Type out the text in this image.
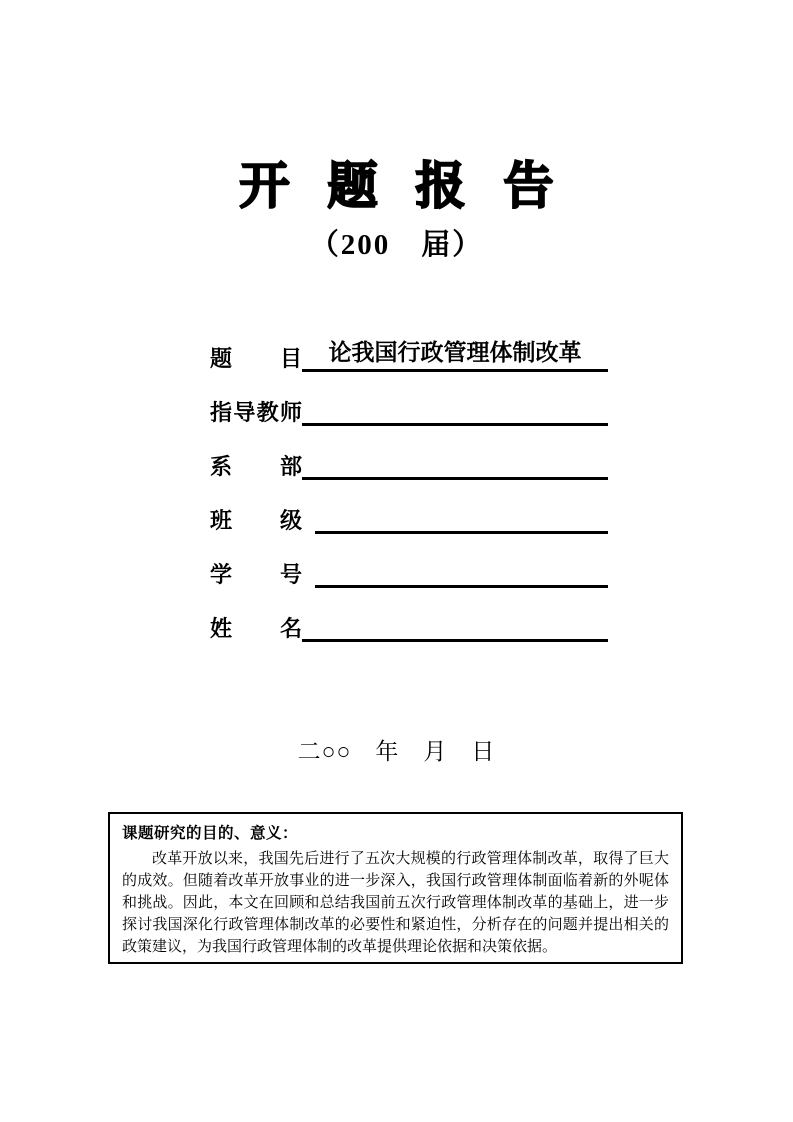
开题报告
（200　届）
题目	论我国行政管理体制改革
指导教师
系部
班级
学号
姓名
二○○　年　月　日
课题研究的目的、意义：
改革开放以来，我国先后进行了五次大规模的行政管理体制改革，取得了巨大的成效。但随着改革开放事业的进一步深入，我国行政管理体制面临着新的外呢体和挑战。因此，本文在回顾和总结我国前五次行政管理体制改革的基础上，进一步探讨我国深化行政管理体制改革的必要性和紧迫性，分析存在的问题并提出相关的政策建议，为我国行政管理体制的改革提供理论依据和决策依据。
